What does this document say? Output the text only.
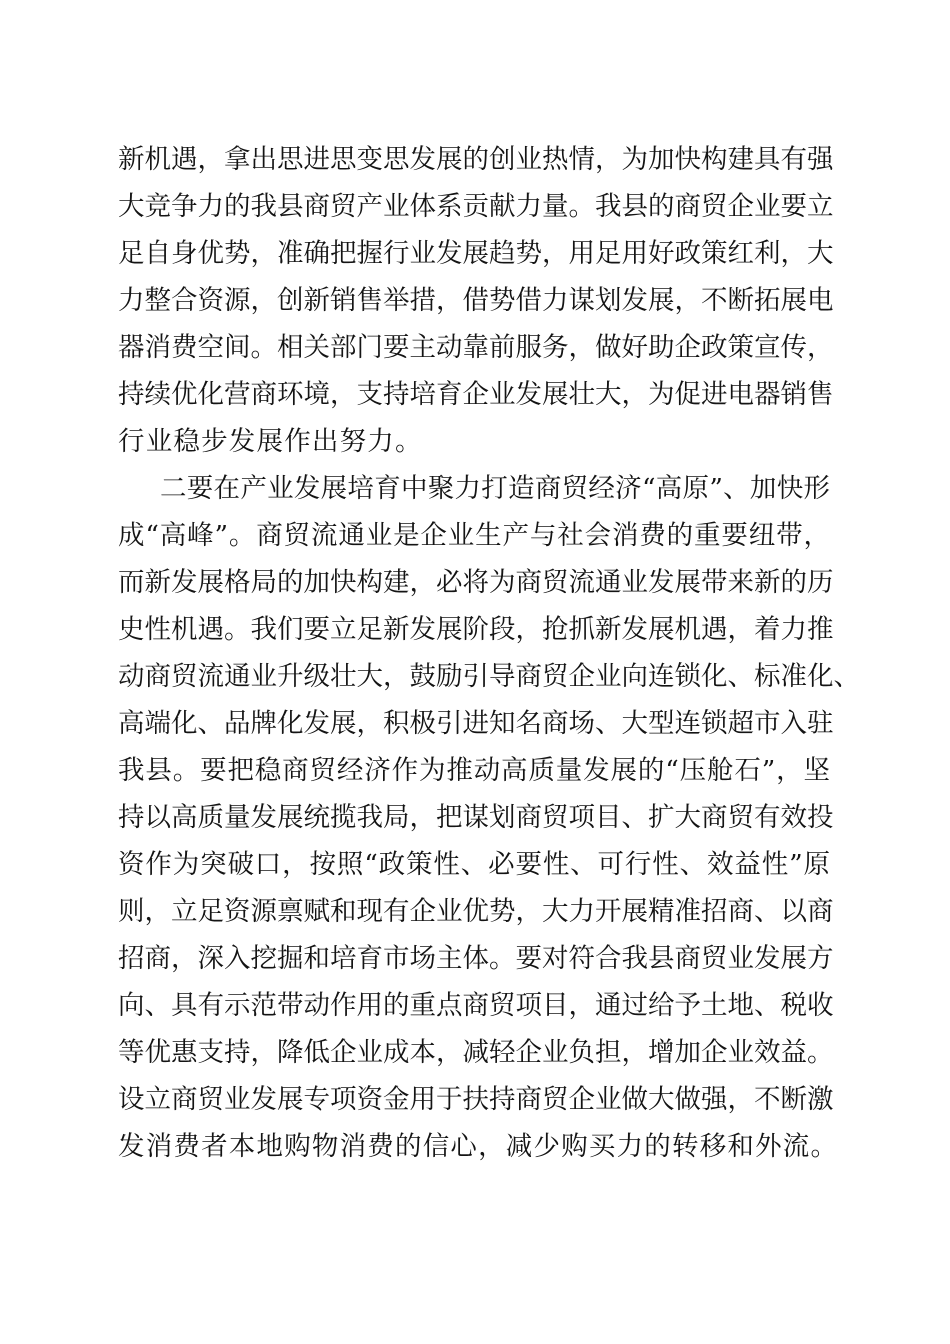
新机遇，拿出思进思变思发展的创业热情，为加快构建具有强
大竞争力的我县商贸产业体系贡献力量。我县的商贸企业要立
足自身优势，准确把握行业发展趋势，用足用好政策红利，大
力整合资源，创新销售举措，借势借力谋划发展，不断拓展电
器消费空间。相关部门要主动靠前服务，做好助企政策宣传，
持续优化营商环境，支持培育企业发展壮大，为促进电器销售
行业稳步发展作出努力。
二要在产业发展培育中聚力打造商贸经济“高原”、加快形
成“高峰”。商贸流通业是企业生产与社会消费的重要纽带，
而新发展格局的加快构建，必将为商贸流通业发展带来新的历
史性机遇。我们要立足新发展阶段，抢抓新发展机遇，着力推
动商贸流通业升级壮大，鼓励引导商贸企业向连锁化、标准化、
高端化、品牌化发展，积极引进知名商场、大型连锁超市入驻
我县。要把稳商贸经济作为推动高质量发展的“压舱石”，坚
持以高质量发展统揽我局，把谋划商贸项目、扩大商贸有效投
资作为突破口，按照“政策性、必要性、可行性、效益性”原
则，立足资源禀赋和现有企业优势，大力开展精准招商、以商
招商，深入挖掘和培育市场主体。要对符合我县商贸业发展方
向、具有示范带动作用的重点商贸项目，通过给予土地、税收
等优惠支持，降低企业成本，减轻企业负担，增加企业效益。
设立商贸业发展专项资金用于扶持商贸企业做大做强，不断激
发消费者本地购物消费的信心，减少购买力的转移和外流。
